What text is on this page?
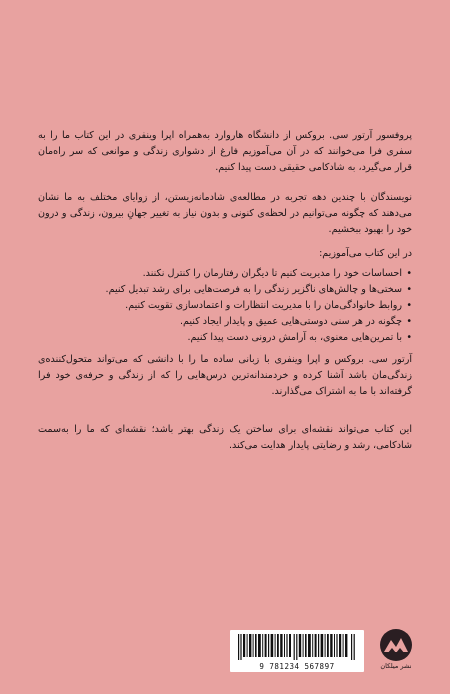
پروفسور آرتور سی. بروکس از دانشگاه هاروارد به‌همراه اپرا وینفری در این کتاب ما را به سفری فرا می‌خوانند که در آن می‌آموزیم فارغ از دشواری زندگی و موانعی که سر راه‌مان قرار می‌گیرد، به شادکامی حقیقی دست پیدا کنیم.
نویسندگان با چندین دهه تجربه در مطالعه‌ی شادمانه‌زیستن، از زوایای مختلف به ما نشان می‌دهند که چگونه می‌توانیم در لحظه‌ی کنونی و بدون نیاز به تغییر جهانِ بیرون، زندگی و درون خود را بهبود ببخشیم.
در این کتاب می‌آموزیم:
• احساسات خود را مدیریت کنیم تا دیگران رفتارمان را کنترل نکنند.
• سختی‌ها و چالش‌های ناگزیر زندگی را به فرصت‌هایی برای رشد تبدیل کنیم.
• روابط خانوادگی‌مان را با مدیریت انتظارات و اعتمادسازی تقویت کنیم.
• چگونه در هر سنی دوستی‌هایی عمیق و پایدار ایجاد کنیم.
• با تمرین‌هایی معنوی، به آرامش درونی دست پیدا کنیم.
آرتور سی. بروکس و اپرا وینفری با زبانی ساده ما را با دانشی که می‌تواند متحول‌کننده‌ی زندگی‌مان باشد آشنا کرده و خردمندانه‌ترین درس‌هایی را که از زندگی و حرفه‌ی خود فرا گرفته‌اند با ما به اشتراک می‌گذارند.
این کتاب می‌تواند نقشه‌ای برای ساختن یک زندگی بهتر باشد؛ نقشه‌ای که ما را به‌سمت شادکامی، رشد و رضایتی پایدار هدایت می‌کند.
9 781234 567897	نشر میلکان
